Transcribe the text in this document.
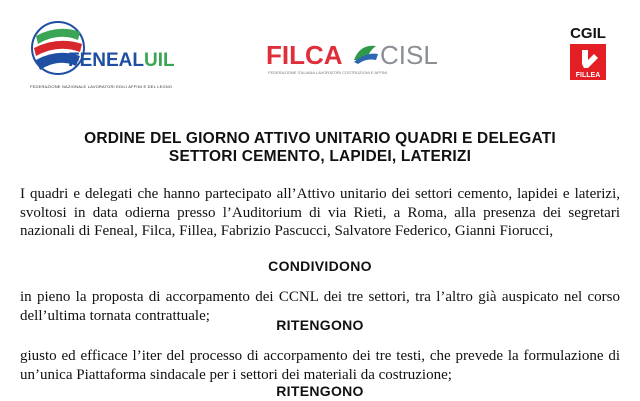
FENEAL UIL
FEDERAZIONE NAZIONALE LAVORATORI EDILI AFFINI E DEL LEGNO
FILCA CISL
FEDERAZIONE ITALIANA LAVORATORI COSTRUZIONI E AFFINI
CGIL
FILLEA
ORDINE DEL GIORNO ATTIVO UNITARIO QUADRI E DELEGATI
SETTORI CEMENTO, LAPIDEI, LATERIZI
I quadri e delegati che hanno partecipato all’Attivo unitario dei settori cemento, lapidei e laterizi, svoltosi in data odierna presso l’Auditorium di via Rieti, a Roma, alla presenza dei segretari nazionali di Feneal, Filca, Fillea, Fabrizio Pascucci, Salvatore Federico, Gianni Fiorucci,
CONDIVIDONO
in pieno la proposta di accorpamento dei CCNL dei tre settori, tra l’altro già auspicato nel corso dell’ultima tornata contrattuale;
RITENGONO
giusto ed efficace l’iter del processo di accorpamento dei tre testi, che prevede la formulazione di un’unica Piattaforma sindacale per i settori dei materiali da costruzione;
RITENGONO
